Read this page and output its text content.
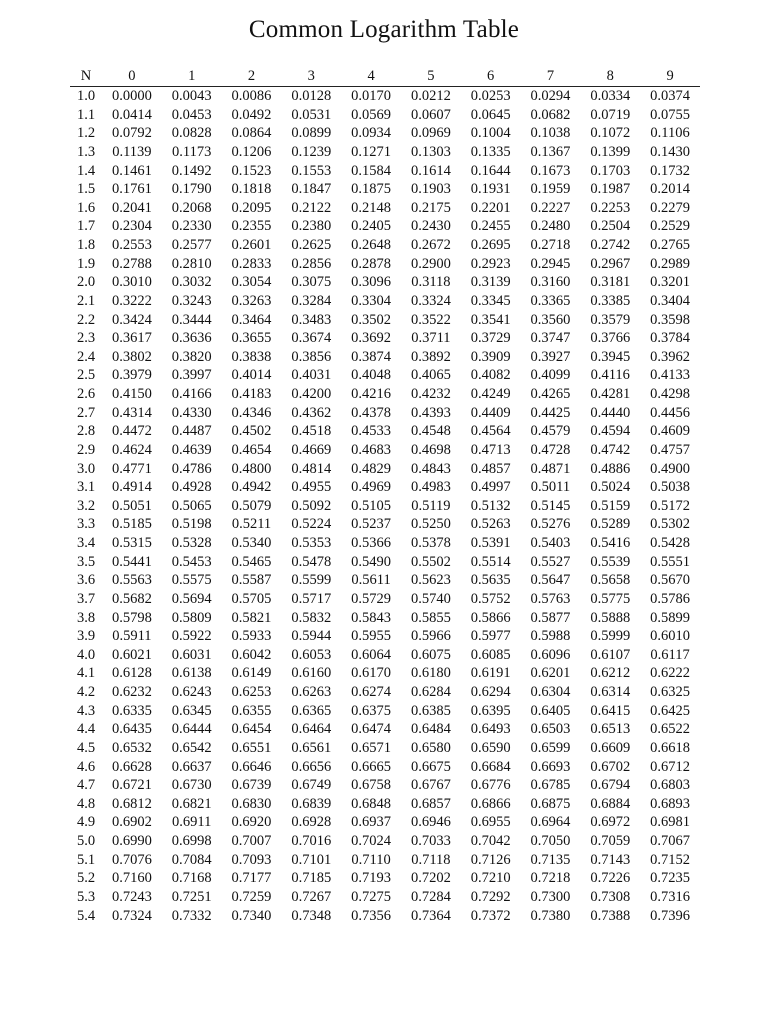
Common Logarithm Table
N	0	1	2	3	4	5	6	7	8	9
1.0	0.0000	0.0043	0.0086	0.0128	0.0170	0.0212	0.0253	0.0294	0.0334	0.0374
1.1	0.0414	0.0453	0.0492	0.0531	0.0569	0.0607	0.0645	0.0682	0.0719	0.0755
1.2	0.0792	0.0828	0.0864	0.0899	0.0934	0.0969	0.1004	0.1038	0.1072	0.1106
1.3	0.1139	0.1173	0.1206	0.1239	0.1271	0.1303	0.1335	0.1367	0.1399	0.1430
1.4	0.1461	0.1492	0.1523	0.1553	0.1584	0.1614	0.1644	0.1673	0.1703	0.1732
1.5	0.1761	0.1790	0.1818	0.1847	0.1875	0.1903	0.1931	0.1959	0.1987	0.2014
1.6	0.2041	0.2068	0.2095	0.2122	0.2148	0.2175	0.2201	0.2227	0.2253	0.2279
1.7	0.2304	0.2330	0.2355	0.2380	0.2405	0.2430	0.2455	0.2480	0.2504	0.2529
1.8	0.2553	0.2577	0.2601	0.2625	0.2648	0.2672	0.2695	0.2718	0.2742	0.2765
1.9	0.2788	0.2810	0.2833	0.2856	0.2878	0.2900	0.2923	0.2945	0.2967	0.2989
2.0	0.3010	0.3032	0.3054	0.3075	0.3096	0.3118	0.3139	0.3160	0.3181	0.3201
2.1	0.3222	0.3243	0.3263	0.3284	0.3304	0.3324	0.3345	0.3365	0.3385	0.3404
2.2	0.3424	0.3444	0.3464	0.3483	0.3502	0.3522	0.3541	0.3560	0.3579	0.3598
2.3	0.3617	0.3636	0.3655	0.3674	0.3692	0.3711	0.3729	0.3747	0.3766	0.3784
2.4	0.3802	0.3820	0.3838	0.3856	0.3874	0.3892	0.3909	0.3927	0.3945	0.3962
2.5	0.3979	0.3997	0.4014	0.4031	0.4048	0.4065	0.4082	0.4099	0.4116	0.4133
2.6	0.4150	0.4166	0.4183	0.4200	0.4216	0.4232	0.4249	0.4265	0.4281	0.4298
2.7	0.4314	0.4330	0.4346	0.4362	0.4378	0.4393	0.4409	0.4425	0.4440	0.4456
2.8	0.4472	0.4487	0.4502	0.4518	0.4533	0.4548	0.4564	0.4579	0.4594	0.4609
2.9	0.4624	0.4639	0.4654	0.4669	0.4683	0.4698	0.4713	0.4728	0.4742	0.4757
3.0	0.4771	0.4786	0.4800	0.4814	0.4829	0.4843	0.4857	0.4871	0.4886	0.4900
3.1	0.4914	0.4928	0.4942	0.4955	0.4969	0.4983	0.4997	0.5011	0.5024	0.5038
3.2	0.5051	0.5065	0.5079	0.5092	0.5105	0.5119	0.5132	0.5145	0.5159	0.5172
3.3	0.5185	0.5198	0.5211	0.5224	0.5237	0.5250	0.5263	0.5276	0.5289	0.5302
3.4	0.5315	0.5328	0.5340	0.5353	0.5366	0.5378	0.5391	0.5403	0.5416	0.5428
3.5	0.5441	0.5453	0.5465	0.5478	0.5490	0.5502	0.5514	0.5527	0.5539	0.5551
3.6	0.5563	0.5575	0.5587	0.5599	0.5611	0.5623	0.5635	0.5647	0.5658	0.5670
3.7	0.5682	0.5694	0.5705	0.5717	0.5729	0.5740	0.5752	0.5763	0.5775	0.5786
3.8	0.5798	0.5809	0.5821	0.5832	0.5843	0.5855	0.5866	0.5877	0.5888	0.5899
3.9	0.5911	0.5922	0.5933	0.5944	0.5955	0.5966	0.5977	0.5988	0.5999	0.6010
4.0	0.6021	0.6031	0.6042	0.6053	0.6064	0.6075	0.6085	0.6096	0.6107	0.6117
4.1	0.6128	0.6138	0.6149	0.6160	0.6170	0.6180	0.6191	0.6201	0.6212	0.6222
4.2	0.6232	0.6243	0.6253	0.6263	0.6274	0.6284	0.6294	0.6304	0.6314	0.6325
4.3	0.6335	0.6345	0.6355	0.6365	0.6375	0.6385	0.6395	0.6405	0.6415	0.6425
4.4	0.6435	0.6444	0.6454	0.6464	0.6474	0.6484	0.6493	0.6503	0.6513	0.6522
4.5	0.6532	0.6542	0.6551	0.6561	0.6571	0.6580	0.6590	0.6599	0.6609	0.6618
4.6	0.6628	0.6637	0.6646	0.6656	0.6665	0.6675	0.6684	0.6693	0.6702	0.6712
4.7	0.6721	0.6730	0.6739	0.6749	0.6758	0.6767	0.6776	0.6785	0.6794	0.6803
4.8	0.6812	0.6821	0.6830	0.6839	0.6848	0.6857	0.6866	0.6875	0.6884	0.6893
4.9	0.6902	0.6911	0.6920	0.6928	0.6937	0.6946	0.6955	0.6964	0.6972	0.6981
5.0	0.6990	0.6998	0.7007	0.7016	0.7024	0.7033	0.7042	0.7050	0.7059	0.7067
5.1	0.7076	0.7084	0.7093	0.7101	0.7110	0.7118	0.7126	0.7135	0.7143	0.7152
5.2	0.7160	0.7168	0.7177	0.7185	0.7193	0.7202	0.7210	0.7218	0.7226	0.7235
5.3	0.7243	0.7251	0.7259	0.7267	0.7275	0.7284	0.7292	0.7300	0.7308	0.7316
5.4	0.7324	0.7332	0.7340	0.7348	0.7356	0.7364	0.7372	0.7380	0.7388	0.7396
